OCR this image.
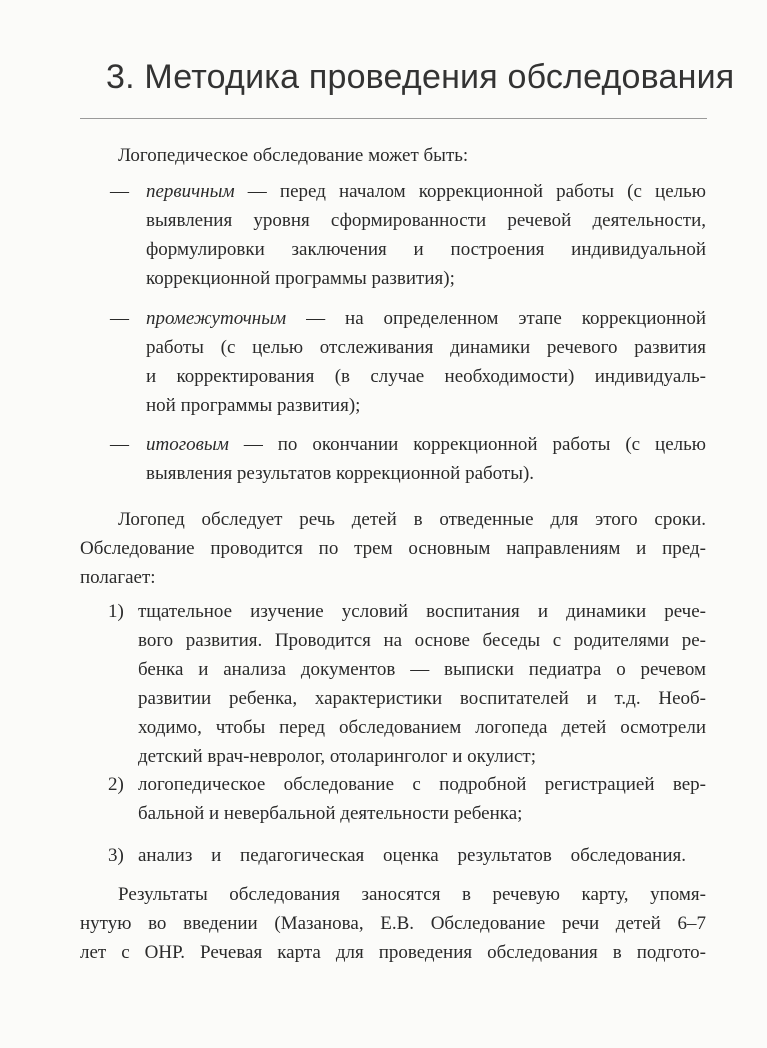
3. Методика проведения обследования
Логопедическое обследование может быть:
— первичным — перед началом коррекционной работы (с целью
выявления уровня сформированности речевой деятельности,
формулировки заключения и построения индивидуальной
коррекционной программы развития);
— промежуточным — на определенном этапе коррекционной
работы (с целью отслеживания динамики речевого развития
и корректирования (в случае необходимости) индивидуаль-
ной программы развития);
— итоговым — по окончании коррекционной работы (с целью
выявления результатов коррекционной работы).
Логопед обследует речь детей в отведенные для этого сроки.
Обследование проводится по трем основным направлениям и пред-
полагает:
1) тщательное изучение условий воспитания и динамики рече-
вого развития. Проводится на основе беседы с родителями ре-
бенка и анализа документов — выписки педиатра о речевом
развитии ребенка, характеристики воспитателей и т.д. Необ-
ходимо, чтобы перед обследованием логопеда детей осмотрели
детский врач-невролог, отоларинголог и окулист;
2) логопедическое обследование с подробной регистрацией вер-
бальной и невербальной деятельности ребенка;
3) анализ и педагогическая оценка результатов обследования.
Результаты обследования заносятся в речевую карту, упомя-
нутую во введении (Мазанова, Е.В. Обследование речи детей 6–7
лет с ОНР. Речевая карта для проведения обследования в подгото-
